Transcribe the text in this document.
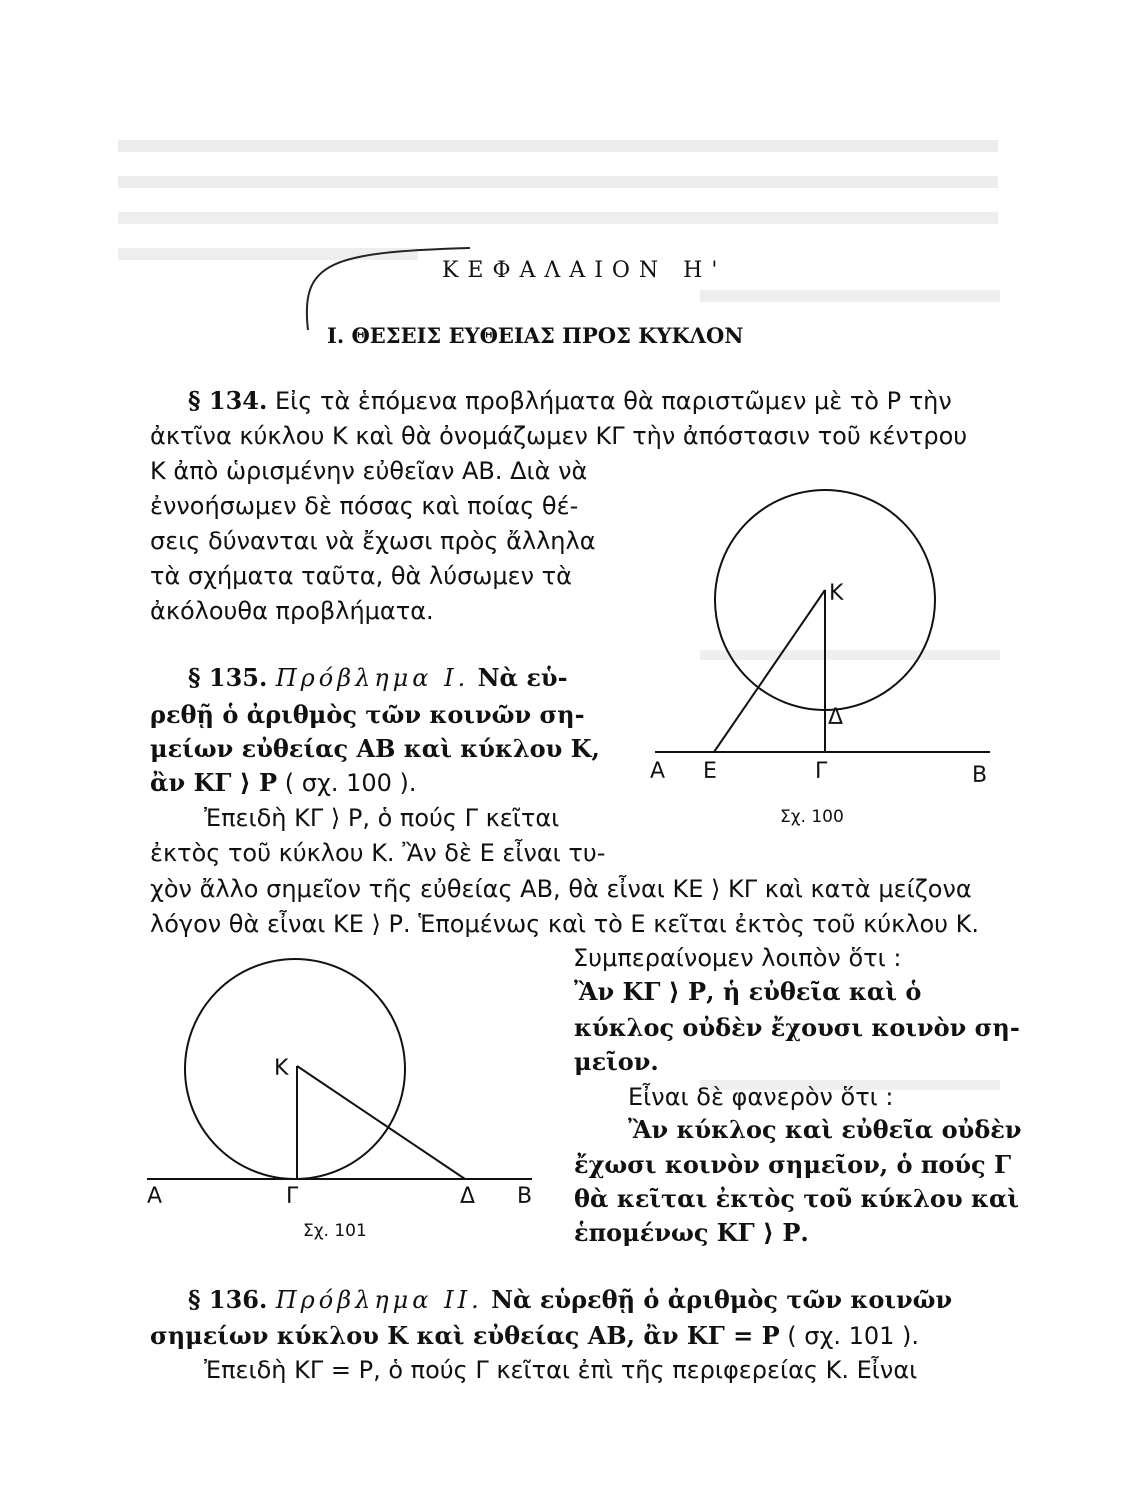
ΚΕΦΑΛΑΙΟΝ Η'
Ι. ΘΕΣΕΙΣ ΕΥΘΕΙΑΣ ΠΡΟΣ ΚΥΚΛΟΝ
§ 134. Εἰς τὰ ἑπόμενα προβλήματα θὰ παριστῶμεν μὲ τὸ Ρ τὴν
ἀκτῖνα κύκλου Κ καὶ θὰ ὀνομάζωμεν ΚΓ τὴν ἀπόστασιν τοῦ κέντρου
Κ ἀπὸ ὡρισμένην εὐθεῖαν ΑΒ. Διὰ νὰ
ἐννοήσωμεν δὲ πόσας καὶ ποίας θέ-
σεις δύνανται νὰ ἔχωσι πρὸς ἄλληλα
τὰ σχήματα ταῦτα, θὰ λύσωμεν τὰ
ἀκόλουθα προβλήματα.
§ 135. Πρόβλημα Ι. Νὰ εὑ-
ρεθῇ ὁ ἀριθμὸς τῶν κοινῶν ση-
μείων εὐθείας ΑΒ καὶ κύκλου Κ,
ἂν ΚΓ ⟩ Ρ ( σχ. 100 ).
Ἐπειδὴ ΚΓ ⟩ Ρ, ὁ πούς Γ κεῖται
ἐκτὸς τοῦ κύκλου Κ. Ἂν δὲ Ε εἶναι τυ-
χὸν ἄλλο σημεῖον τῆς εὐθείας ΑΒ, θὰ εἶναι ΚΕ ⟩ ΚΓ καὶ κατὰ μείζονα
λόγον θὰ εἶναι ΚΕ ⟩ Ρ. Ἑπομένως καὶ τὸ Ε κεῖται ἐκτὸς τοῦ κύκλου Κ.
Συμπεραίνομεν λοιπὸν ὅτι :
Ἂν ΚΓ ⟩ Ρ, ἡ εὐθεῖα καὶ ὁ
κύκλος οὐδὲν ἔχουσι κοινὸν ση-
μεῖον.
Εἶναι δὲ φανερὸν ὅτι :
Ἂν κύκλος καὶ εὐθεῖα οὐδὲν
ἔχωσι κοινὸν σημεῖον, ὁ πούς Γ
θὰ κεῖται ἐκτὸς τοῦ κύκλου καὶ
ἑπομένως ΚΓ ⟩ Ρ.
§ 136. Πρόβλημα ΙΙ. Νὰ εὑρεθῇ ὁ ἀριθμὸς τῶν κοινῶν
σημείων κύκλου Κ καὶ εὐθείας ΑΒ, ἂν ΚΓ = Ρ ( σχ. 101 ).
Ἐπειδὴ ΚΓ = Ρ, ὁ πούς Γ κεῖται ἐπὶ τῆς περιφερείας Κ. Εἶναι
Κ
Δ
Α Ε	Γ	Β
Σχ. 100
Κ
Α	Γ	Δ Β
Σχ. 101
